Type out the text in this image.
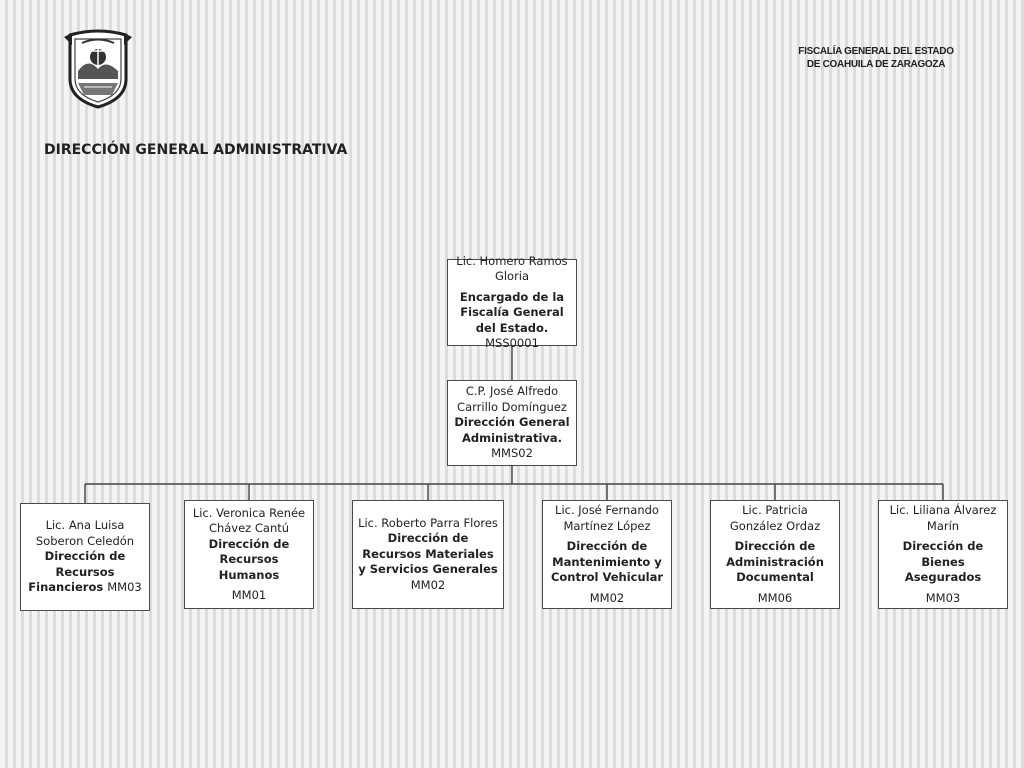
FISCALÍA GENERAL DEL ESTADO
DE COAHUILA DE ZARAGOZA
DIRECCIÓN GENERAL ADMINISTRATIVA
Lic. Homero Ramos Gloria
Encargado de la Fiscalía General del Estado. MSS0001
C.P. José Alfredo Carrillo Domínguez
Dirección General Administrativa.
MMS02
Lic. Ana Luisa Soberon Celedón
Dirección de Recursos Financieros MM03
Lic. Veronica Renée Chávez Cantú
Dirección de Recursos Humanos
MM01
Lic. Roberto Parra Flores
Dirección de Recursos Materiales y Servicios Generales
MM02
Lic. José Fernando Martínez López
Dirección de Mantenimiento y Control Vehicular
MM02
Lic. Patricia González Ordaz
Dirección de Administración Documental
MM06
Lic. Liliana Álvarez Marín
Dirección de Bienes Asegurados
MM03
